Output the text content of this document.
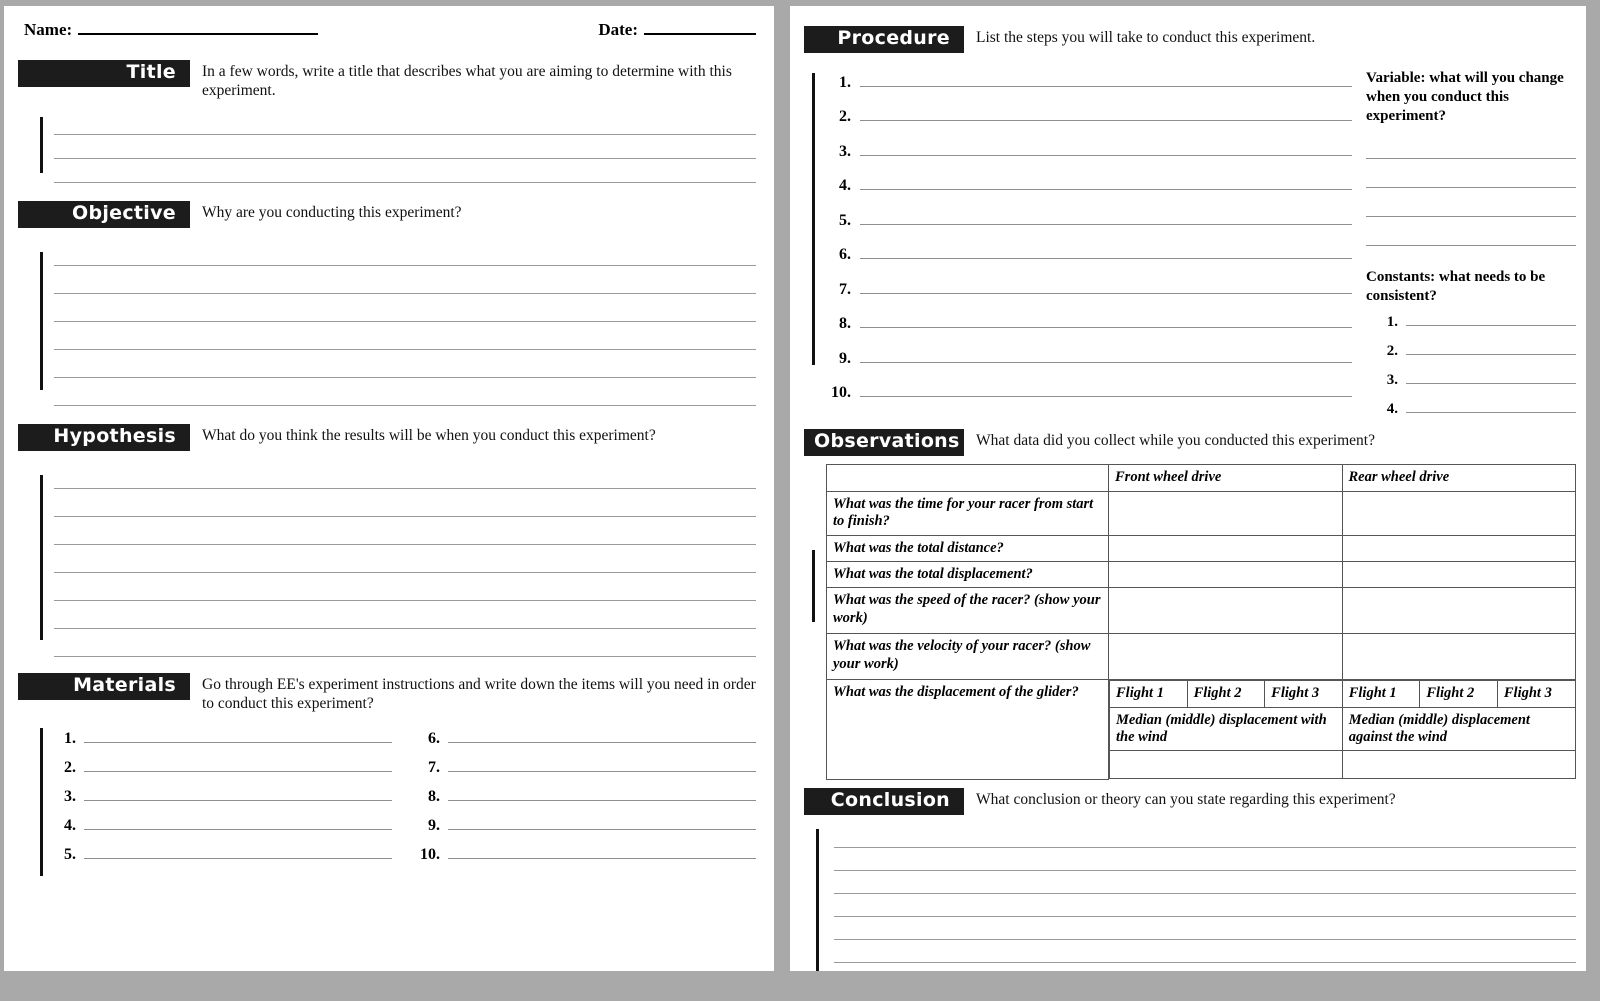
Name:	Date:
Title	In a few words, write a title that describes what you are aiming to determine with this experiment.
Objective	Why are you conducting this experiment?
Hypothesis	What do you think the results will be when you conduct this experiment?
Materials	Go through EE's experiment instructions and write down the items will you need in order to conduct this experiment?
1.
2.
3.
4.
5.
6.
7.
8.
9.
10.
Procedure	List the steps you will take to conduct this experiment.
1.
2.
3.
4.
5.
6.
7.
8.
9.
10.
Variable: what will you change when you conduct this experiment?
Constants: what needs to be consistent?
1.
2.
3.
4.
Observations	What data did you collect while you conducted this experiment?
	Front wheel drive	Rear wheel drive
What was the time for your racer from start to finish?		
What was the total distance?		
What was the total displacement?		
What was the speed of the racer? (show your work)		
What was the velocity of your racer? (show your work)		
What was the displacement of the glider?		Flight 1	Flight 2	Flight 3	Flight 1	Flight 2	Flight 3
Median (middle) displacement with the wind	Median (middle) displacement against the wind

Conclusion	What conclusion or theory can you state regarding this experiment?
